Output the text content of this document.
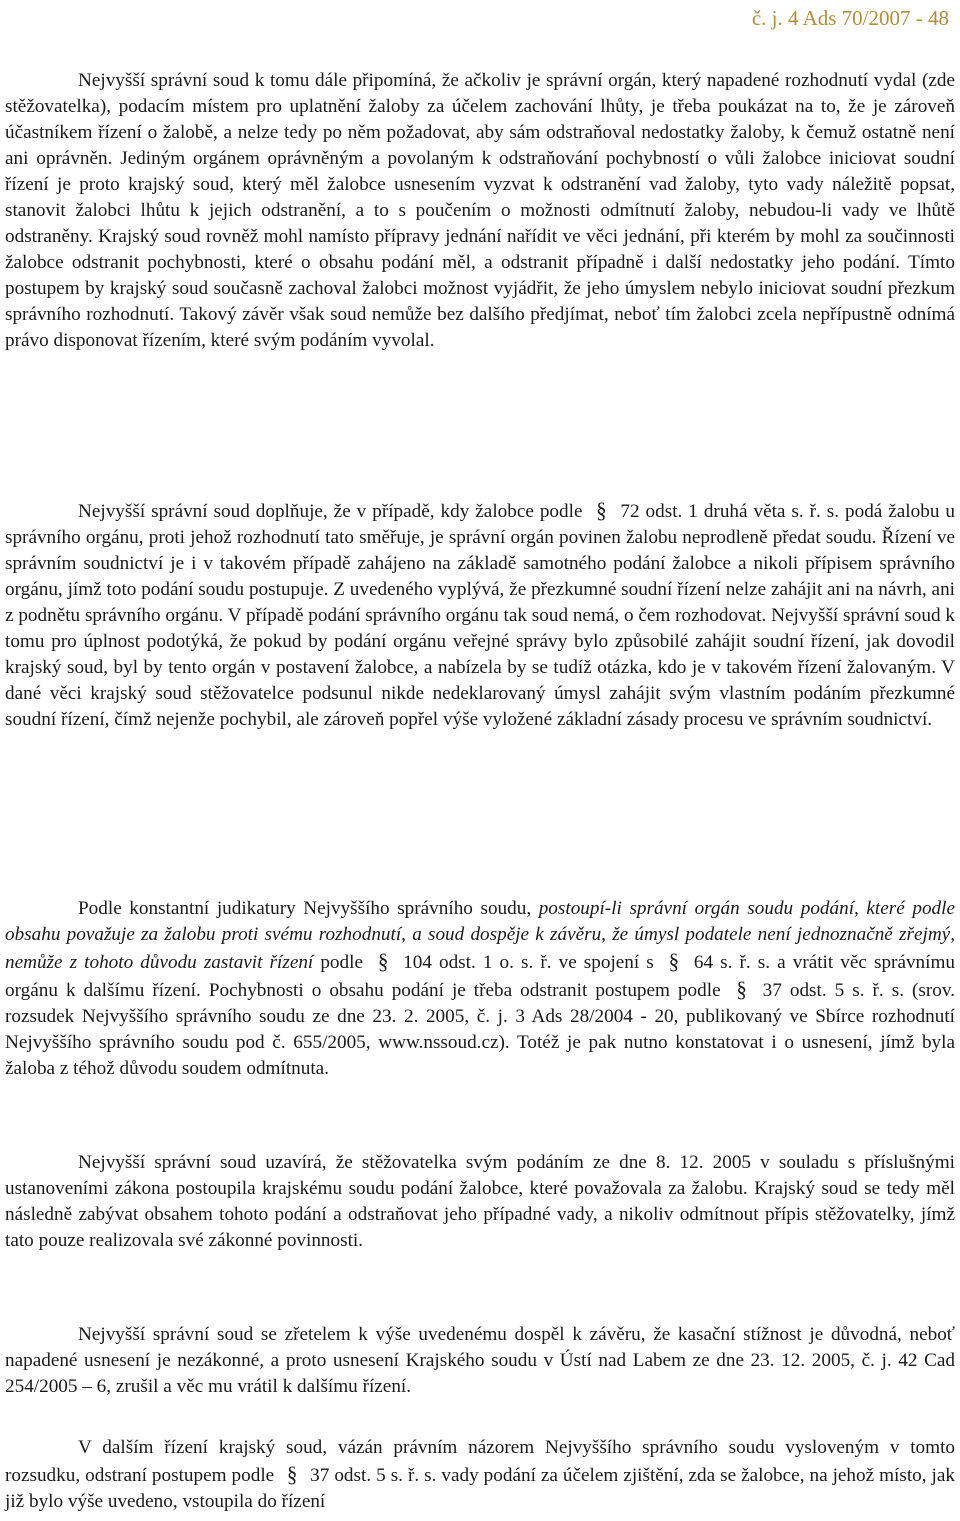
č. j. 4 Ads 70/2007 - 48

Nejvyšší správní soud k tomu dále připomíná, že ačkoliv je správní orgán, který napadené rozhodnutí vydal (zde stěžovatelka), podacím místem pro uplatnění žaloby za účelem zachování lhůty, je třeba poukázat na to, že je zároveň účastníkem řízení o žalobě, a nelze tedy po něm požadovat, aby sám odstraňoval nedostatky žaloby, k čemuž ostatně není ani oprávněn. Jediným orgánem oprávněným a povolaným k odstraňování pochybností o vůli žalobce iniciovat soudní řízení je proto krajský soud, který měl žalobce usnesením vyzvat k odstranění vad žaloby, tyto vady náležitě popsat, stanovit žalobci lhůtu k jejich odstranění, a to s poučením o možnosti odmítnutí žaloby, nebudou-li vady ve lhůtě odstraněny. Krajský soud rovněž mohl namísto přípravy jednání nařídit ve věci jednání, při kterém by mohl za součinnosti žalobce odstranit pochybnosti, které o obsahu podání měl, a odstranit případně i další nedostatky jeho podání. Tímto postupem by krajský soud současně zachoval žalobci možnost vyjádřit, že jeho úmyslem nebylo iniciovat soudní přezkum správního rozhodnutí. Takový závěr však soud nemůže bez dalšího předjímat, neboť tím žalobci zcela nepřípustně odnímá právo disponovat řízením, které svým podáním vyvolal.

Nejvyšší správní soud doplňuje, že v případě, kdy žalobce podle § 72 odst. 1 druhá věta s. ř. s. podá žalobu u správního orgánu, proti jehož rozhodnutí tato směřuje, je správní orgán povinen žalobu neprodleně předat soudu. Řízení ve správním soudnictví je i v takovém případě zahájeno na základě samotného podání žalobce a nikoli přípisem správního orgánu, jímž toto podání soudu postupuje. Z uvedeného vyplývá, že přezkumné soudní řízení nelze zahájit ani na návrh, ani z podnětu správního orgánu. V případě podání správního orgánu tak soud nemá, o čem rozhodovat. Nejvyšší správní soud k tomu pro úplnost podotýká, že pokud by podání orgánu veřejné správy bylo způsobilé zahájit soudní řízení, jak dovodil krajský soud, byl by tento orgán v postavení žalobce, a nabízela by se tudíž otázka, kdo je v takovém řízení žalovaným. V dané věci krajský soud stěžovatelce podsunul nikde nedeklarovaný úmysl zahájit svým vlastním podáním přezkumné soudní řízení, čímž nejenže pochybil, ale zároveň popřel výše vyložené základní zásady procesu ve správním soudnictví.

Podle konstantní judikatury Nejvyššího správního soudu, postoupí-li správní orgán soudu podání, které podle obsahu považuje za žalobu proti svému rozhodnutí, a soud dospěje k závěru, že úmysl podatele není jednoznačně zřejmý, nemůže z tohoto důvodu zastavit řízení podle § 104 odst. 1 o. s. ř. ve spojení s § 64 s. ř. s. a vrátit věc správnímu orgánu k dalšímu řízení. Pochybnosti o obsahu podání je třeba odstranit postupem podle § 37 odst. 5 s. ř. s. (srov. rozsudek Nejvyššího správního soudu ze dne 23. 2. 2005, č. j. 3 Ads 28/2004 - 20, publikovaný ve Sbírce rozhodnutí Nejvyššího správního soudu pod č. 655/2005, www.nssoud.cz). Totéž je pak nutno konstatovat i o usnesení, jímž byla žaloba z téhož důvodu soudem odmítnuta.

Nejvyšší správní soud uzavírá, že stěžovatelka svým podáním ze dne 8. 12. 2005 v souladu s příslušnými ustanoveními zákona postoupila krajskému soudu podání žalobce, které považovala za žalobu. Krajský soud se tedy měl následně zabývat obsahem tohoto podání a odstraňovat jeho případné vady, a nikoliv odmítnout přípis stěžovatelky, jímž tato pouze realizovala své zákonné povinnosti.

Nejvyšší správní soud se zřetelem k výše uvedenému dospěl k závěru, že kasační stížnost je důvodná, neboť napadené usnesení je nezákonné, a proto usnesení Krajského soudu v Ústí nad Labem ze dne 23. 12. 2005, č. j. 42 Cad 254/2005 – 6, zrušil a věc mu vrátil k dalšímu řízení.

V dalším řízení krajský soud, vázán právním názorem Nejvyššího správního soudu vysloveným v tomto rozsudku, odstraní postupem podle § 37 odst. 5 s. ř. s. vady podání za účelem zjištění, zda se žalobce, na jehož místo, jak již bylo výše uvedeno, vstoupila do řízení
